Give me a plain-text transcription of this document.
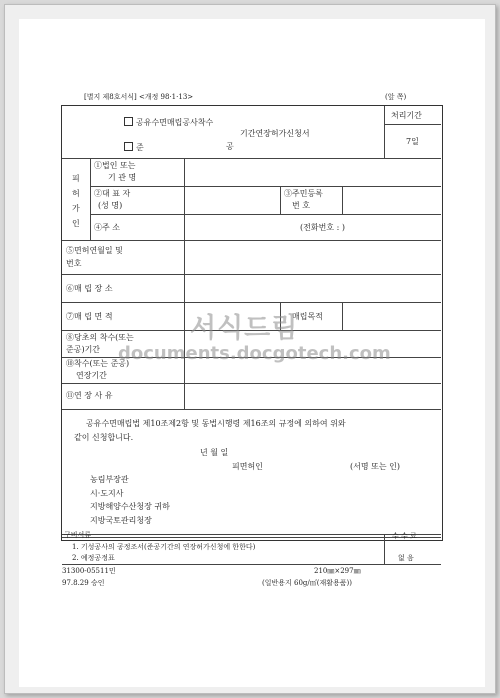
[별지 제8호서식] <개정 98·1·13>	(앞 쪽)
공유수면매립공사착수
기간연장허가신청서
준	공
처리기간
7일
피
허
가
인
①법인 또는
기 관 명
②대 표 자
(성 명)
③주민등록
번 호
④주 소	(전화번호 : )
⑤면허연월일 및
번호
⑥매 립 장 소
⑦매 립 면 적	매립목적
⑧당초의 착수(또는
준공)기간
⑩착수(또는 준공)
연장기간
⑪연 장 사 유
공유수면매립법 제10조제2항 및 동법시행령 제16조의 규정에 의하여 위와
같이 신청합니다.
년 월 일
피면허인	(서명 또는 인)
농림부장관
시·도지사
지방해양수산청장 귀하
지방국토관리청장
구비서류
1. 기성공사의 공정조서(준공기간의 연장허가신청에 한한다)
2. 예정공정표
수 수 료
없 음
31300-05511민
97.8.29 승인
210㎜×297㎜
(일반용지 60g/㎡(재활용품))
서식드림
documents.docgotech.com
